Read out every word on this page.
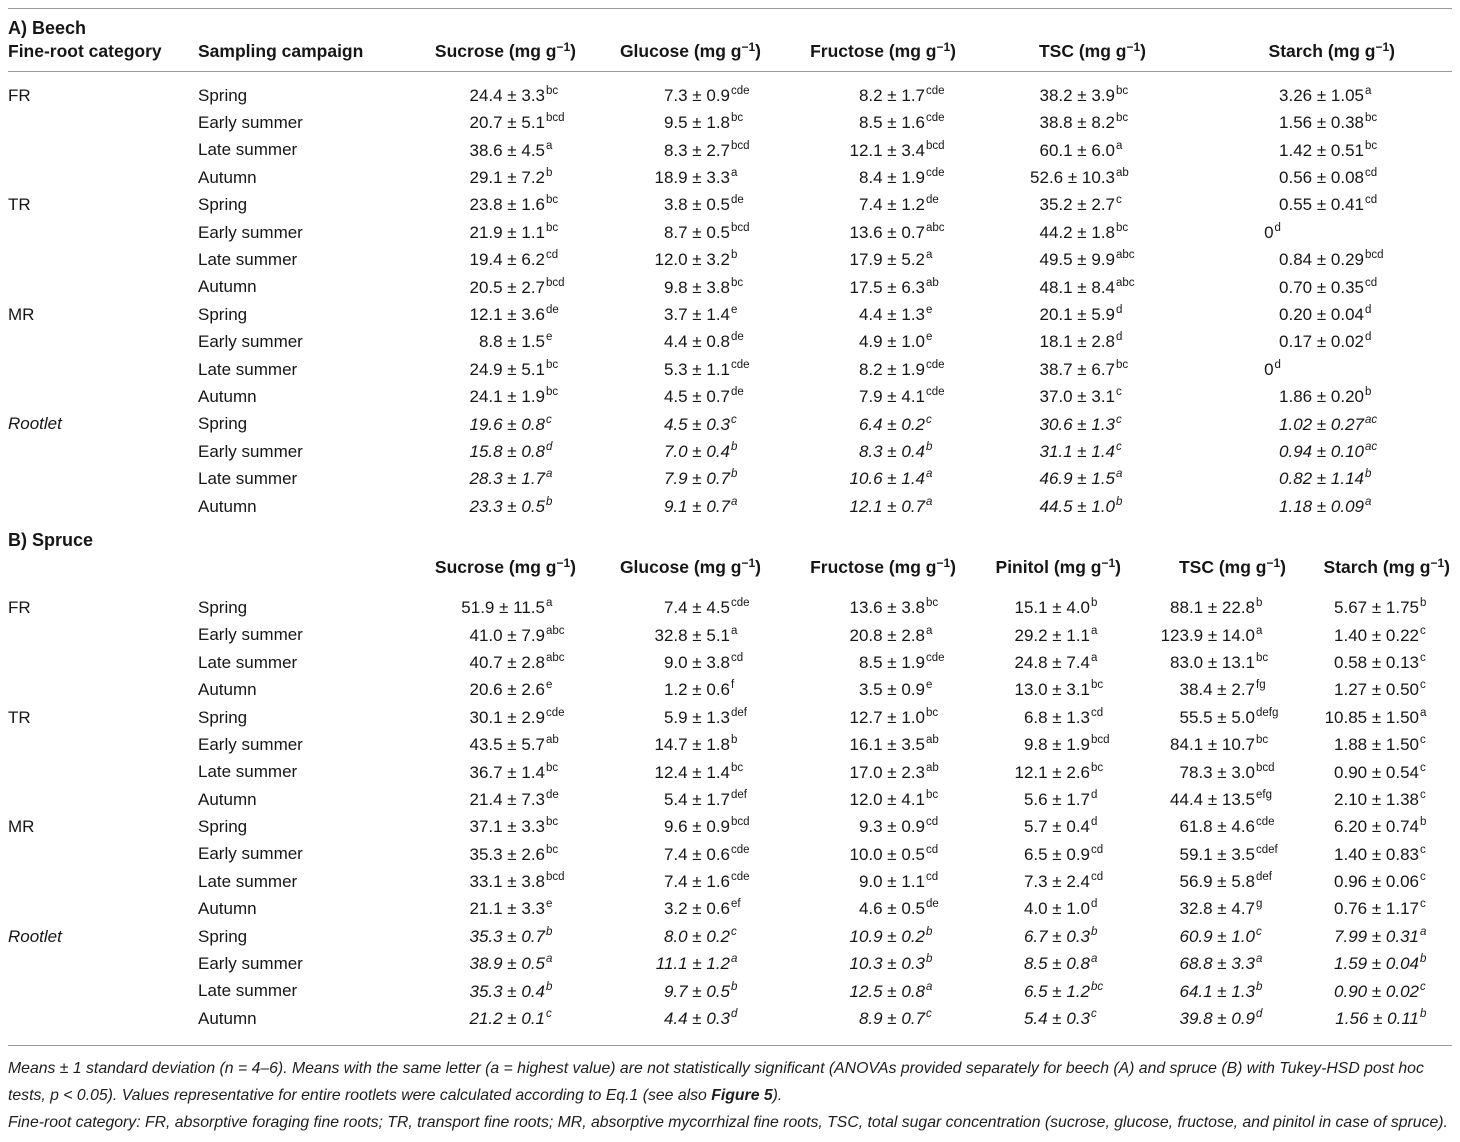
A) Beech
Fine-root category	Sampling campaign	Sucrose (mg $g^{-1}$)	Glucose (mg $g^{-1}$)	Fructose (mg $g^{-1}$)	TSC (mg $g^{-1}$)	Starch (mg $g^{-1}$)
FR	Spring	24.4 ± 3.3 bc	7.3 ± 0.9 cde	8.2 ± 1.7 cde	38.2 ± 3.9 bc	3.26 ± 1.05 a

	Early summer	20.7 ± 5.1 bcd	9.5 ± 1.8 bc	8.5 ± 1.6 cde	38.8 ± 8.2 bc	1.56 ± 0.38 bc

	Late summer	38.6 ± 4.5 a	8.3 ± 2.7 bcd	12.1 ± 3.4 bcd	60.1 ± 6.0 a	1.42 ± 0.51 bc

	Autumn	29.1 ± 7.2 b	18.9 ± 3.3 a	8.4 ± 1.9 cde	52.6 ± 10.3 ab	0.56 ± 0.08 cd

TR	Spring	23.8 ± 1.6 bc	3.8 ± 0.5 de	7.4 ± 1.2 de	35.2 ± 2.7 c	0.55 ± 0.41 cd

	Early summer	21.9 ± 1.1 bc	8.7 ± 0.5 bcd	13.6 ± 0.7 abc	44.2 ± 1.8 bc	0 d

	Late summer	19.4 ± 6.2 cd	12.0 ± 3.2 b	17.9 ± 5.2 a	49.5 ± 9.9 abc	0.84 ± 0.29 bcd

	Autumn	20.5 ± 2.7 bcd	9.8 ± 3.8 bc	17.5 ± 6.3 ab	48.1 ± 8.4 abc	0.70 ± 0.35 cd

MR	Spring	12.1 ± 3.6 de	3.7 ± 1.4 e	4.4 ± 1.3 e	20.1 ± 5.9 d	0.20 ± 0.04 d

	Early summer	8.8 ± 1.5 e	4.4 ± 0.8 de	4.9 ± 1.0 e	18.1 ± 2.8 d	0.17 ± 0.02 d

	Late summer	24.9 ± 5.1 bc	5.3 ± 1.1 cde	8.2 ± 1.9 cde	38.7 ± 6.7 bc	0 d

	Autumn	24.1 ± 1.9 bc	4.5 ± 0.7 de	7.9 ± 4.1 cde	37.0 ± 3.1 c	1.86 ± 0.20 b

Rootlet	Spring	19.6 ± 0.8 c	4.5 ± 0.3 c	6.4 ± 0.2 c	30.6 ± 1.3 c	1.02 ± 0.27 ac

	Early summer	15.8 ± 0.8 d	7.0 ± 0.4 b	8.3 ± 0.4 b	31.1 ± 1.4 c	0.94 ± 0.10 ac

	Late summer	28.3 ± 1.7 a	7.9 ± 0.7 b	10.6 ± 1.4 a	46.9 ± 1.5 a	0.82 ± 1.14 b

	Autumn	23.3 ± 0.5 b	9.1 ± 0.7 a	12.1 ± 0.7 a	44.5 ± 1.0 b	1.18 ± 0.09 a
B) Spruce
		Sucrose (mg $g^{-1}$)	Glucose (mg $g^{-1}$)	Fructose (mg $g^{-1}$)	Pinitol (mg $g^{-1}$)	TSC (mg $g^{-1}$)	Starch (mg $g^{-1}$)
FR	Spring	51.9 ± 11.5 a	7.4 ± 4.5 cde	13.6 ± 3.8 bc	15.1 ± 4.0 b	88.1 ± 22.8 b	5.67 ± 1.75 b

	Early summer	41.0 ± 7.9 abc	32.8 ± 5.1 a	20.8 ± 2.8 a	29.2 ± 1.1 a	123.9 ± 14.0 a	1.40 ± 0.22 c

	Late summer	40.7 ± 2.8 abc	9.0 ± 3.8 cd	8.5 ± 1.9 cde	24.8 ± 7.4 a	83.0 ± 13.1 bc	0.58 ± 0.13 c

	Autumn	20.6 ± 2.6 e	1.2 ± 0.6 f	3.5 ± 0.9 e	13.0 ± 3.1 bc	38.4 ± 2.7 fg	1.27 ± 0.50 c

TR	Spring	30.1 ± 2.9 cde	5.9 ± 1.3 def	12.7 ± 1.0 bc	6.8 ± 1.3 cd	55.5 ± 5.0 defg	10.85 ± 1.50 a

	Early summer	43.5 ± 5.7 ab	14.7 ± 1.8 b	16.1 ± 3.5 ab	9.8 ± 1.9 bcd	84.1 ± 10.7 bc	1.88 ± 1.50 c

	Late summer	36.7 ± 1.4 bc	12.4 ± 1.4 bc	17.0 ± 2.3 ab	12.1 ± 2.6 bc	78.3 ± 3.0 bcd	0.90 ± 0.54 c

	Autumn	21.4 ± 7.3 de	5.4 ± 1.7 def	12.0 ± 4.1 bc	5.6 ± 1.7 d	44.4 ± 13.5 efg	2.10 ± 1.38 c

MR	Spring	37.1 ± 3.3 bc	9.6 ± 0.9 bcd	9.3 ± 0.9 cd	5.7 ± 0.4 d	61.8 ± 4.6 cde	6.20 ± 0.74 b

	Early summer	35.3 ± 2.6 bc	7.4 ± 0.6 cde	10.0 ± 0.5 cd	6.5 ± 0.9 cd	59.1 ± 3.5 cdef	1.40 ± 0.83 c

	Late summer	33.1 ± 3.8 bcd	7.4 ± 1.6 cde	9.0 ± 1.1 cd	7.3 ± 2.4 cd	56.9 ± 5.8 def	0.96 ± 0.06 c

	Autumn	21.1 ± 3.3 e	3.2 ± 0.6 ef	4.6 ± 0.5 de	4.0 ± 1.0 d	32.8 ± 4.7 g	0.76 ± 1.17 c

Rootlet	Spring	35.3 ± 0.7 b	8.0 ± 0.2 c	10.9 ± 0.2 b	6.7 ± 0.3 b	60.9 ± 1.0 c	7.99 ± 0.31 a

	Early summer	38.9 ± 0.5 a	11.1 ± 1.2 a	10.3 ± 0.3 b	8.5 ± 0.8 a	68.8 ± 3.3 a	1.59 ± 0.04 b

	Late summer	35.3 ± 0.4 b	9.7 ± 0.5 b	12.5 ± 0.8 a	6.5 ± 1.2 bc	64.1 ± 1.3 b	0.90 ± 0.02 c

	Autumn	21.2 ± 0.1 c	4.4 ± 0.3 d	8.9 ± 0.7 c	5.4 ± 0.3 c	39.8 ± 0.9 d	1.56 ± 0.11 b

Means ± 1 standard deviation (n = 4–6). Means with the same letter (a = highest value) are not statistically significant (ANOVAs provided separately for beech (A) and spruce (B) with Tukey-HSD post hoc tests, p < 0.05). Values representative for entire rootlets were calculated according to Eq.1 (see also Figure 5).

Fine-root category: FR, absorptive foraging fine roots; TR, transport fine roots; MR, absorptive mycorrhizal fine roots, TSC, total sugar concentration (sucrose, glucose, fructose, and pinitol in case of spruce).
